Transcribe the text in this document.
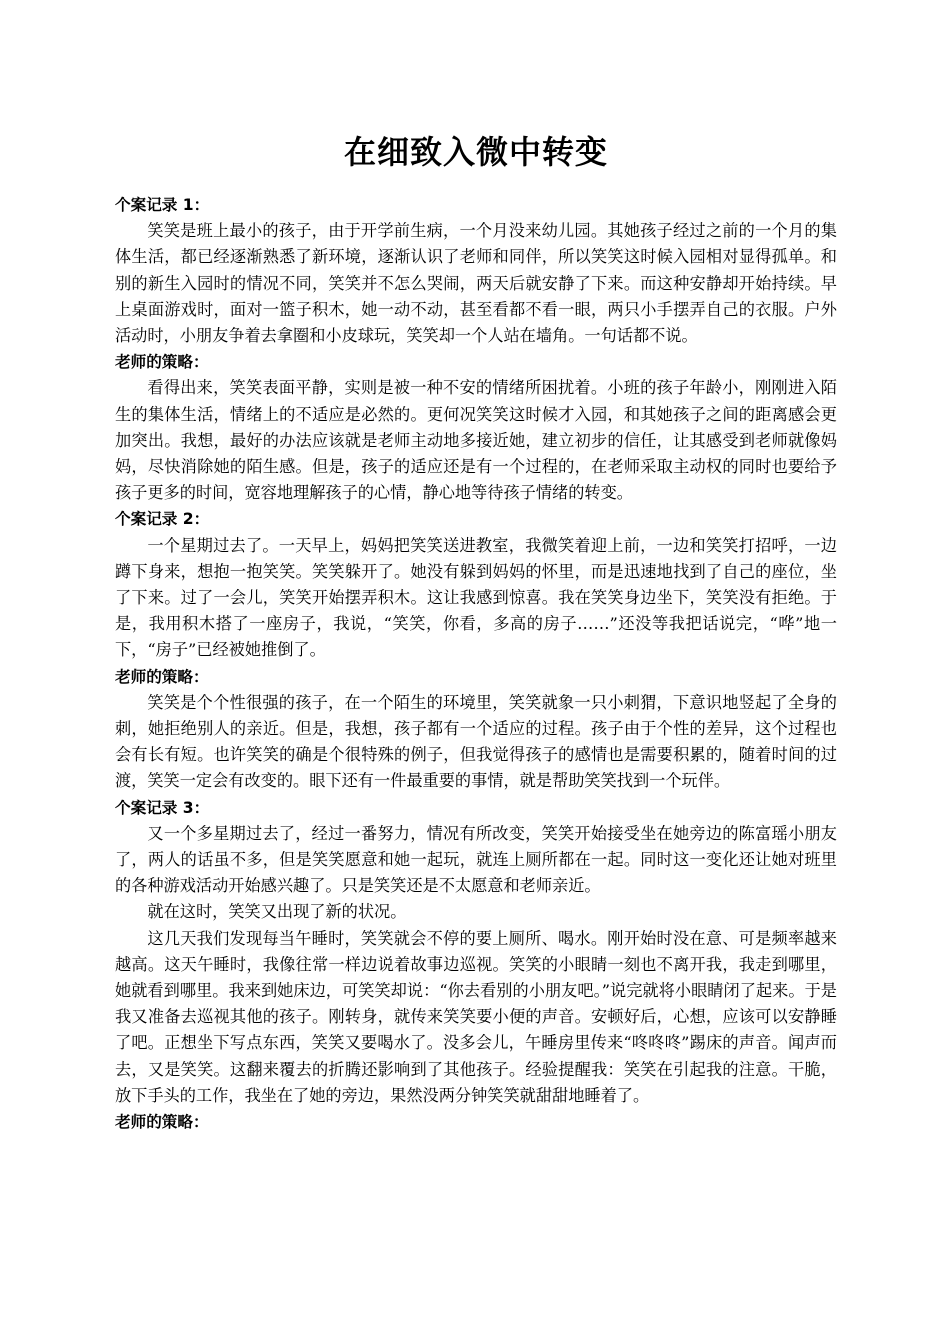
在细致入微中转变
个案记录 1：

笑笑是班上最小的孩子，由于开学前生病，一个月没来幼儿园。其她孩子经过之前的一个月的集体生活，都已经逐渐熟悉了新环境，逐渐认识了老师和同伴，所以笑笑这时候入园相对显得孤单。和别的新生入园时的情况不同，笑笑并不怎么哭闹，两天后就安静了下来。而这种安静却开始持续。早上桌面游戏时，面对一篮子积木，她一动不动，甚至看都不看一眼，两只小手摆弄自己的衣服。户外活动时，小朋友争着去拿圈和小皮球玩，笑笑却一个人站在墙角。一句话都不说。

老师的策略：

看得出来，笑笑表面平静，实则是被一种不安的情绪所困扰着。小班的孩子年龄小，刚刚进入陌生的集体生活，情绪上的不适应是必然的。更何况笑笑这时候才入园，和其她孩子之间的距离感会更加突出。我想，最好的办法应该就是老师主动地多接近她，建立初步的信任，让其感受到老师就像妈妈，尽快消除她的陌生感。但是，孩子的适应还是有一个过程的，在老师采取主动权的同时也要给予孩子更多的时间，宽容地理解孩子的心情，静心地等待孩子情绪的转变。

个案记录 2：

一个星期过去了。一天早上，妈妈把笑笑送进教室，我微笑着迎上前，一边和笑笑打招呼，一边蹲下身来，想抱一抱笑笑。笑笑躲开了。她没有躲到妈妈的怀里，而是迅速地找到了自己的座位，坐了下来。过了一会儿，笑笑开始摆弄积木。这让我感到惊喜。我在笑笑身边坐下，笑笑没有拒绝。于是，我用积木搭了一座房子，我说，“笑笑，你看，多高的房子……”还没等我把话说完，“哗”地一下，“房子”已经被她推倒了。

老师的策略：

笑笑是个个性很强的孩子，在一个陌生的环境里，笑笑就象一只小刺猬，下意识地竖起了全身的刺，她拒绝别人的亲近。但是，我想，孩子都有一个适应的过程。孩子由于个性的差异，这个过程也会有长有短。也许笑笑的确是个很特殊的例子，但我觉得孩子的感情也是需要积累的，随着时间的过渡，笑笑一定会有改变的。眼下还有一件最重要的事情，就是帮助笑笑找到一个玩伴。

个案记录 3：

又一个多星期过去了，经过一番努力，情况有所改变，笑笑开始接受坐在她旁边的陈富瑶小朋友了，两人的话虽不多，但是笑笑愿意和她一起玩，就连上厕所都在一起。同时这一变化还让她对班里的各种游戏活动开始感兴趣了。只是笑笑还是不太愿意和老师亲近。

就在这时，笑笑又出现了新的状况。

这几天我们发现每当午睡时，笑笑就会不停的要上厕所、喝水。刚开始时没在意、可是频率越来越高。这天午睡时，我像往常一样边说着故事边巡视。笑笑的小眼睛一刻也不离开我，我走到哪里，她就看到哪里。我来到她床边，可笑笑却说：“你去看别的小朋友吧。”说完就将小眼睛闭了起来。于是我又准备去巡视其他的孩子。刚转身，就传来笑笑要小便的声音。安顿好后，心想，应该可以安静睡了吧。正想坐下写点东西，笑笑又要喝水了。没多会儿，午睡房里传来“咚咚咚”踢床的声音。闻声而去，又是笑笑。这翻来覆去的折腾还影响到了其他孩子。经验提醒我：笑笑在引起我的注意。干脆，放下手头的工作，我坐在了她的旁边，果然没两分钟笑笑就甜甜地睡着了。

老师的策略：
